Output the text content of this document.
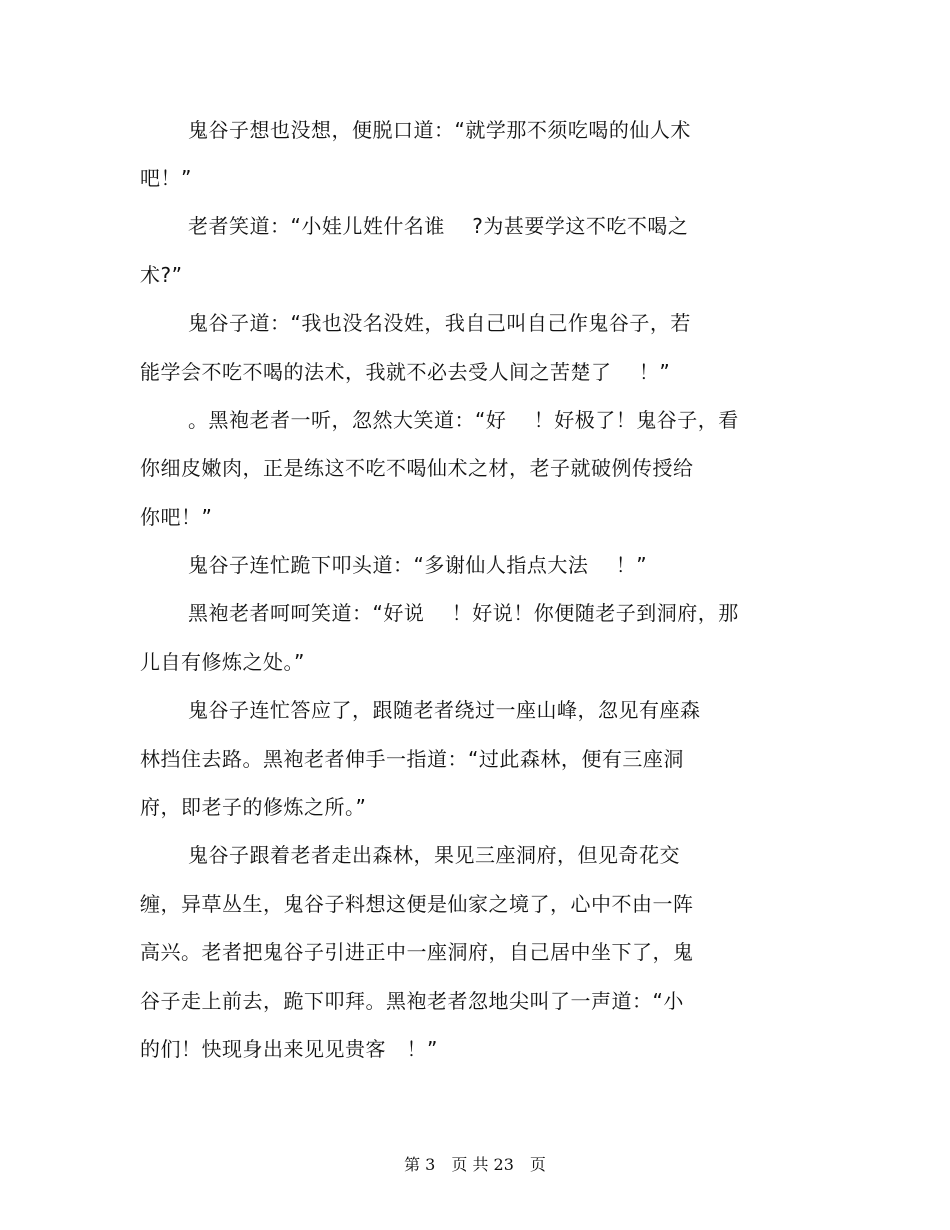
鬼谷子想也没想，便脱口道：“就学那不须吃喝的仙人术
吧！”
老者笑道：“小娃儿姓什名谁　 ?为甚要学这不吃不喝之
术?”
鬼谷子道：“我也没名没姓，我自己叫自己作鬼谷子，若
能学会不吃不喝的法术，我就不必去受人间之苦楚了　 ！”
。黑袍老者一听，忽然大笑道：“好　 ！好极了！鬼谷子，看
你细皮嫩肉，正是练这不吃不喝仙术之材，老子就破例传授给
你吧！”
鬼谷子连忙跪下叩头道：“多谢仙人指点大法　 ！”
黑袍老者呵呵笑道：“好说　 ！好说！你便随老子到洞府，那
儿自有修炼之处。”
鬼谷子连忙答应了，跟随老者绕过一座山峰，忽见有座森
林挡住去路。黑袍老者伸手一指道：“过此森林，便有三座洞
府，即老子的修炼之所。”
鬼谷子跟着老者走出森林，果见三座洞府，但见奇花交
缠，异草丛生，鬼谷子料想这便是仙家之境了，心中不由一阵
高兴。老者把鬼谷子引进正中一座洞府，自己居中坐下了，鬼
谷子走上前去，跪下叩拜。黑袍老者忽地尖叫了一声道：“小
的们！快现身出来见见贵客　！”
第 3　页 共 23　页
